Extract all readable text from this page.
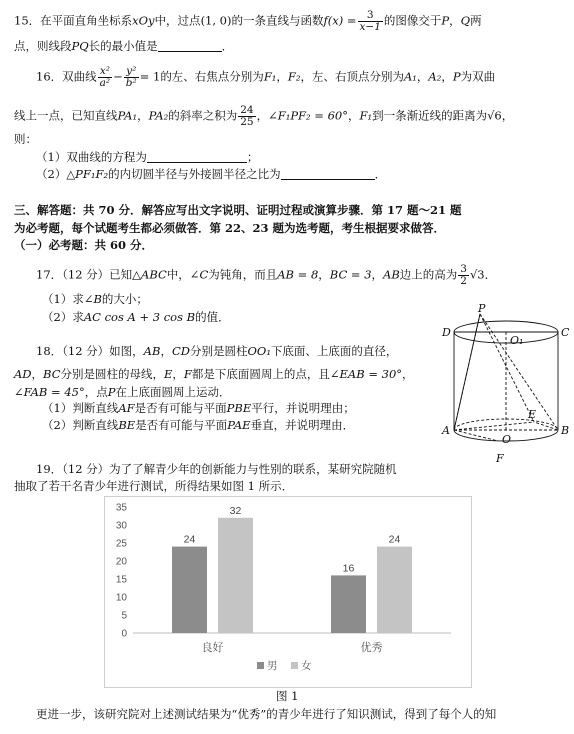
15．在平面直角坐标系xOy中，过点(1, 0)的一条直线与函数$f(x) = \frac{3}{x-1}$ 的图像交于P，Q两
点，则线段PQ长的最小值是	．
16．双曲线 $\frac{\text{x²}}{\text{a²}} - \frac{\text{y²}}{\text{b²}} = 1$的左、右焦点分别为F₁，F₂，左、右顶点分别为A₁，A₂，P为双曲
线上一点，已知直线PA₁，PA₂的斜率之积为 $\frac{24}{25}$ ，∠F₁PF₂ = 60°，F₁到一条渐近线的距离为√6，
则：
（1）双曲线的方程为	；
（2）△PF₁F₂的内切圆半径与外接圆半径之比为	．
三、解答题：共 70 分．解答应写出文字说明、证明过程或演算步骤．第 17 题～21 题
为必考题，每个试题考生都必须做答．第 22、23 题为选考题，考生根据要求做答．
（一）必考题：共 60 分．
17．（12 分）已知△ABC中，∠C为钝角，而且AB = 8，BC = 3，AB边上的高为 $\frac{3}{2} √3$．
（1）求∠B的大小；
（2）求AC cos A + 3 cos B的值．
18．（12 分）如图，AB，CD分别是圆柱OO₁下底面、上底面的直径，
AD，BC分别是圆柱的母线，E，F都是下底面圆周上的点，且∠EAB = 30°，
∠FAB = 45°，点P在上底面圆周上运动．
（1）判断直线AF是否有可能与平面PBE平行，并说明理由；
（2）判断直线BE是否有可能与平面PAE垂直，并说明理由．
P
D
O₁
C
E
A
O
B
F
19．（12 分）为了了解青少年的创新能力与性别的联系，某研究院随机
抽取了若干名青少年进行测试，所得结果如图 1 所示．
0
5
10
15
20
25
30
35
24
32
良好
16
24
优秀
男 女
图 1
更进一步，该研究院对上述测试结果为“优秀”的青少年进行了知识测试，得到了每个人的知
